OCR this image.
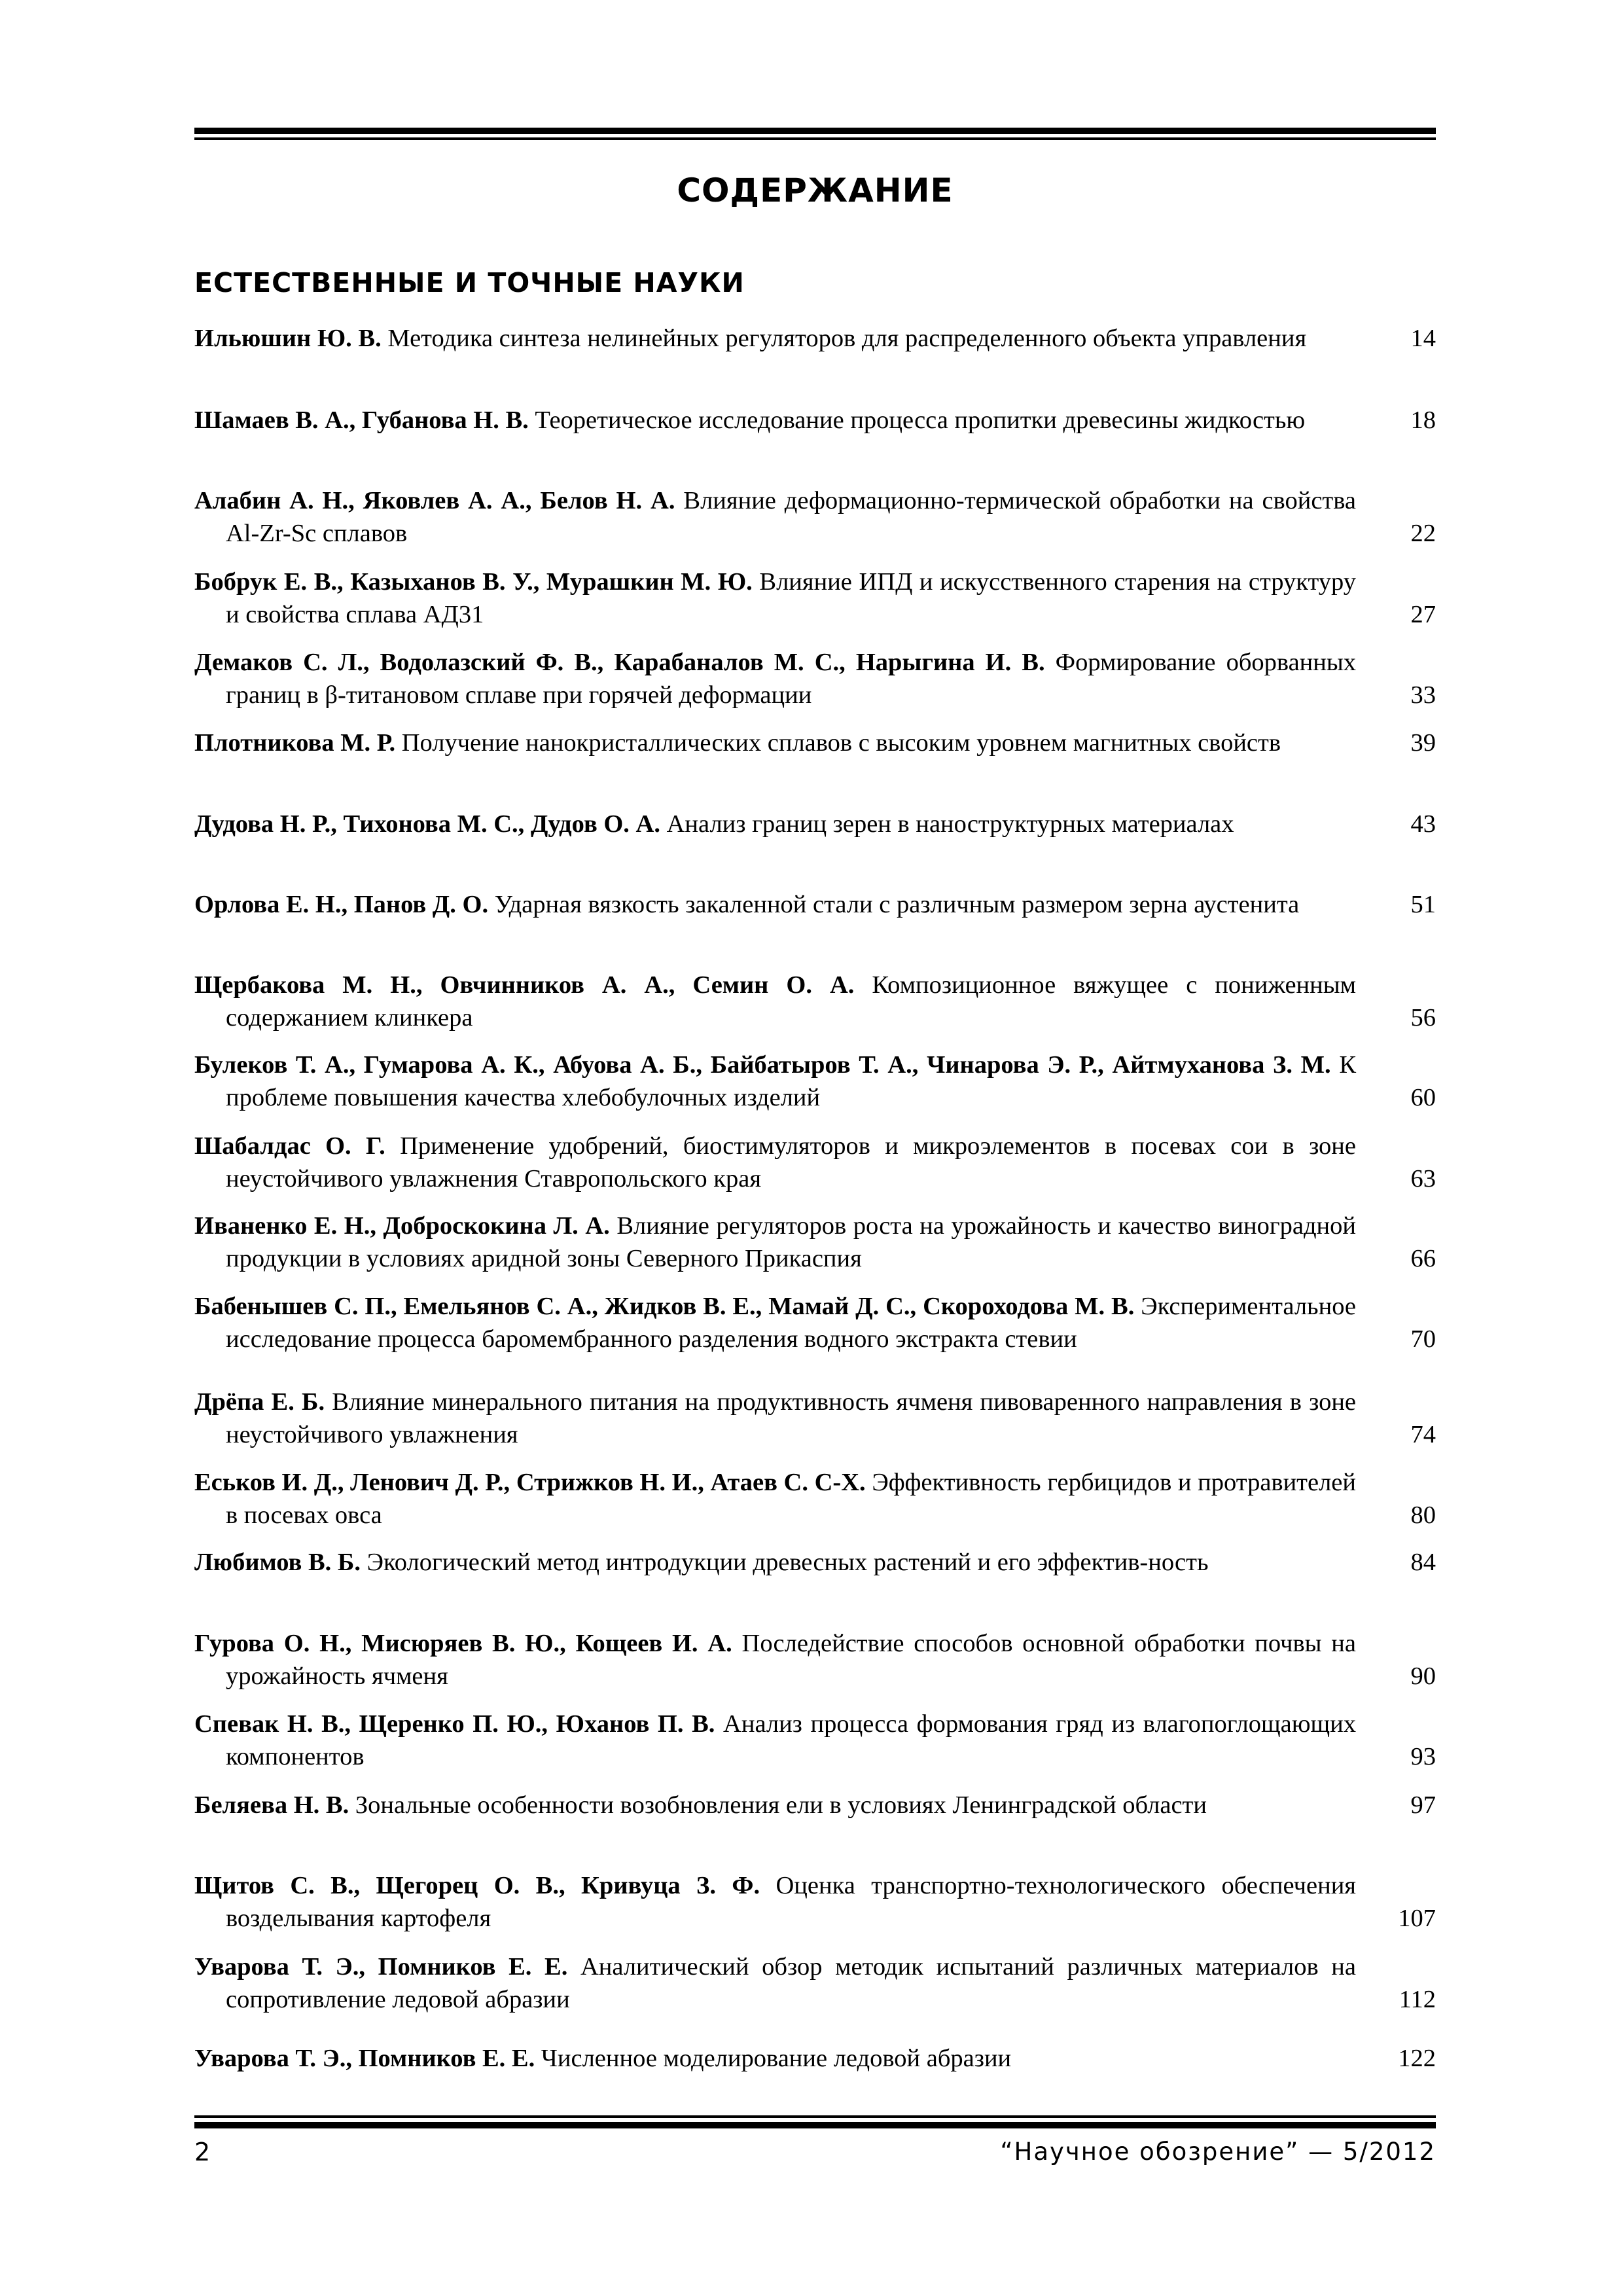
СОДЕРЖАНИЕ
ЕСТЕСТВЕННЫЕ И ТОЧНЫЕ НАУКИ
Ильюшин Ю. В. Методика синтеза нелинейных регуляторов для распределенного объекта управления	14
Шамаев В. А., Губанова Н. В. Теоретическое исследование процесса пропитки древесины жидкостью	18
Алабин А. Н., Яковлев А. А., Белов Н. А. Влияние деформационно-термической обработки на свойства Al-Zr-Sc сплавов	22
Бобрук Е. В., Казыханов В. У., Мурашкин М. Ю. Влияние ИПД и искусственного старения на структуру и свойства сплава АД31	27
Демаков С. Л., Водолазский Ф. В., Карабаналов М. С., Нарыгина И. В. Формирование оборванных границ в β-титановом сплаве при горячей деформации	33
Плотникова М. Р. Получение нанокристаллических сплавов с высоким уровнем магнитных свойств	39
Дудова Н. Р., Тихонова М. С., Дудов О. А. Анализ границ зерен в наноструктурных материалах	43
Орлова Е. Н., Панов Д. О. Ударная вязкость закаленной стали с различным размером зерна аустенита	51
Щербакова М. Н., Овчинников А. А., Семин О. А. Композиционное вяжущее с пониженным содержанием клинкера	56
Булеков Т. А., Гумарова А. К., Абуова А. Б., Байбатыров Т. А., Чинарова Э. Р., Айтмуханова З. М. К проблеме повышения качества хлебобулочных изделий	60
Шабалдас О. Г. Применение удобрений, биостимуляторов и микроэлементов в посевах сои в зоне неустойчивого увлажнения Ставропольского края	63
Иваненко Е. Н., Доброскокина Л. А. Влияние регуляторов роста на урожайность и качество виноградной продукции в условиях аридной зоны Северного Прикаспия	66
Бабенышев С. П., Емельянов С. А., Жидков В. Е., Мамай Д. С., Скороходова М. В. Экспериментальное исследование процесса баромембранного разделения водного экстракта стевии	70
Дрёпа Е. Б. Влияние минерального питания на продуктивность ячменя пивоваренного направления в зоне неустойчивого увлажнения	74
Еськов И. Д., Ленович Д. Р., Стрижков Н. И., Атаев С. С-Х. Эффективность гербицидов и протравителей в посевах овса	80
Любимов В. Б. Экологический метод интродукции древесных растений и его эффектив-ность	84
Гурова О. Н., Мисюряев В. Ю., Кощеев И. А. Последействие способов основной обработки почвы на урожайность ячменя	90
Спевак Н. В., Щеренко П. Ю., Юханов П. В. Анализ процесса формования гряд из влагопоглощающих компонентов	93
Беляева Н. В. Зональные особенности возобновления ели в условиях Ленинградской области	97
Щитов С. В., Щегорец О. В., Кривуца З. Ф. Оценка транспортно-технологического обеспечения возделывания картофеля	107
Уварова Т. Э., Помников Е. Е. Аналитический обзор методик испытаний различных материалов на сопротивление ледовой абразии	112
Уварова Т. Э., Помников Е. Е. Численное моделирование ледовой абразии	122
2	“Научное обозрение” — 5/2012
